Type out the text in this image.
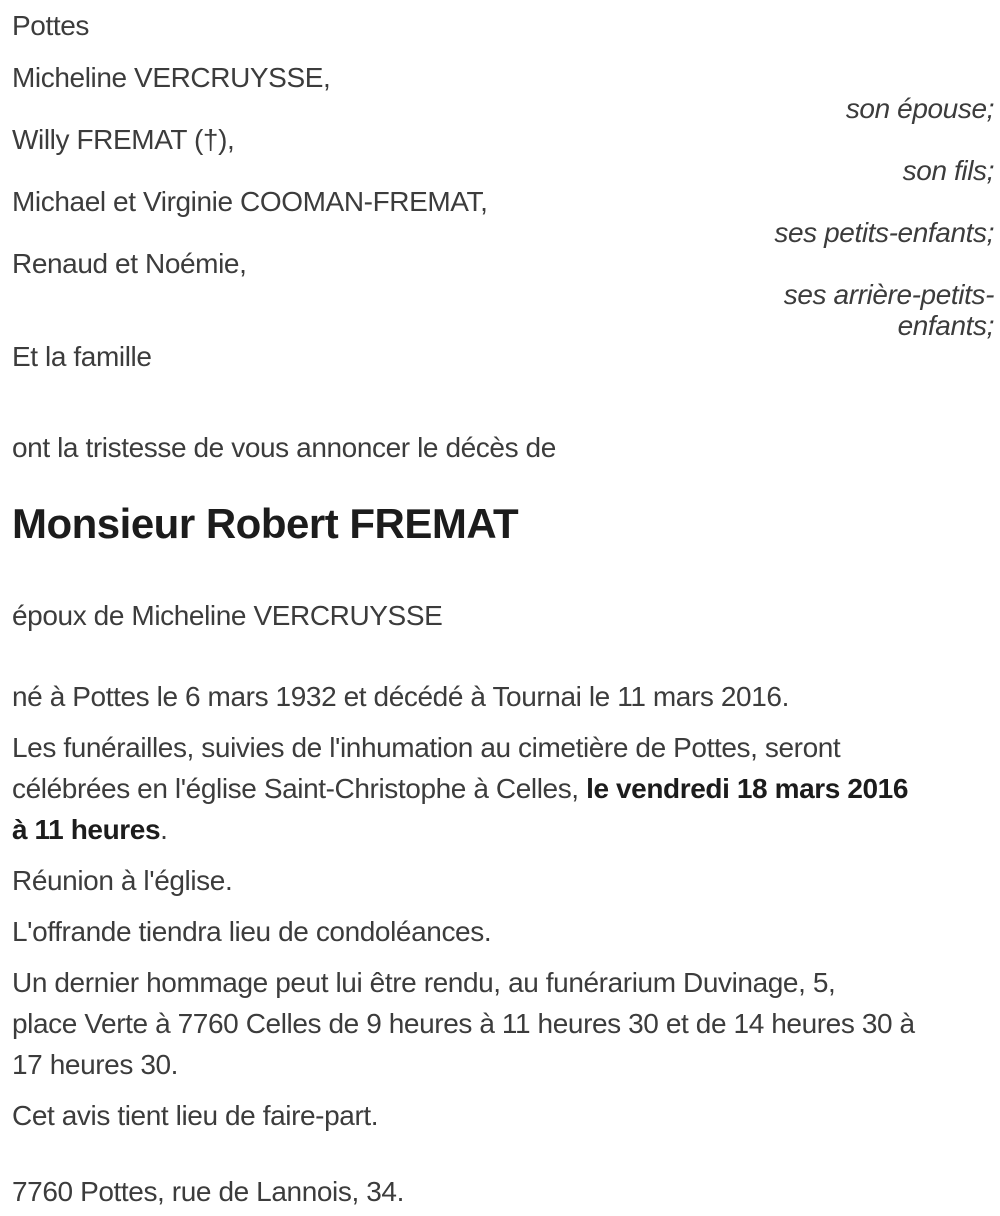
Pottes
Micheline VERCRUYSSE,
son épouse;
Willy FREMAT (†),
son fils;
Michael et Virginie COOMAN-FREMAT,
ses petits-enfants;
Renaud et Noémie,
ses arrière-petits-
enfants;
Et la famille
ont la tristesse de vous annoncer le décès de
Monsieur Robert FREMAT
époux de Micheline VERCRUYSSE
né à Pottes le 6 mars 1932 et décédé à Tournai le 11 mars 2016.
Les funérailles, suivies de l'inhumation au cimetière de Pottes, seront
célébrées en l'église Saint-Christophe à Celles, le vendredi 18 mars 2016
à 11 heures.
Réunion à l'église.
L'offrande tiendra lieu de condoléances.
Un dernier hommage peut lui être rendu, au funérarium Duvinage, 5,
place Verte à 7760 Celles de 9 heures à 11 heures 30 et de 14 heures 30 à
17 heures 30.
Cet avis tient lieu de faire-part.
7760 Pottes, rue de Lannois, 34.
